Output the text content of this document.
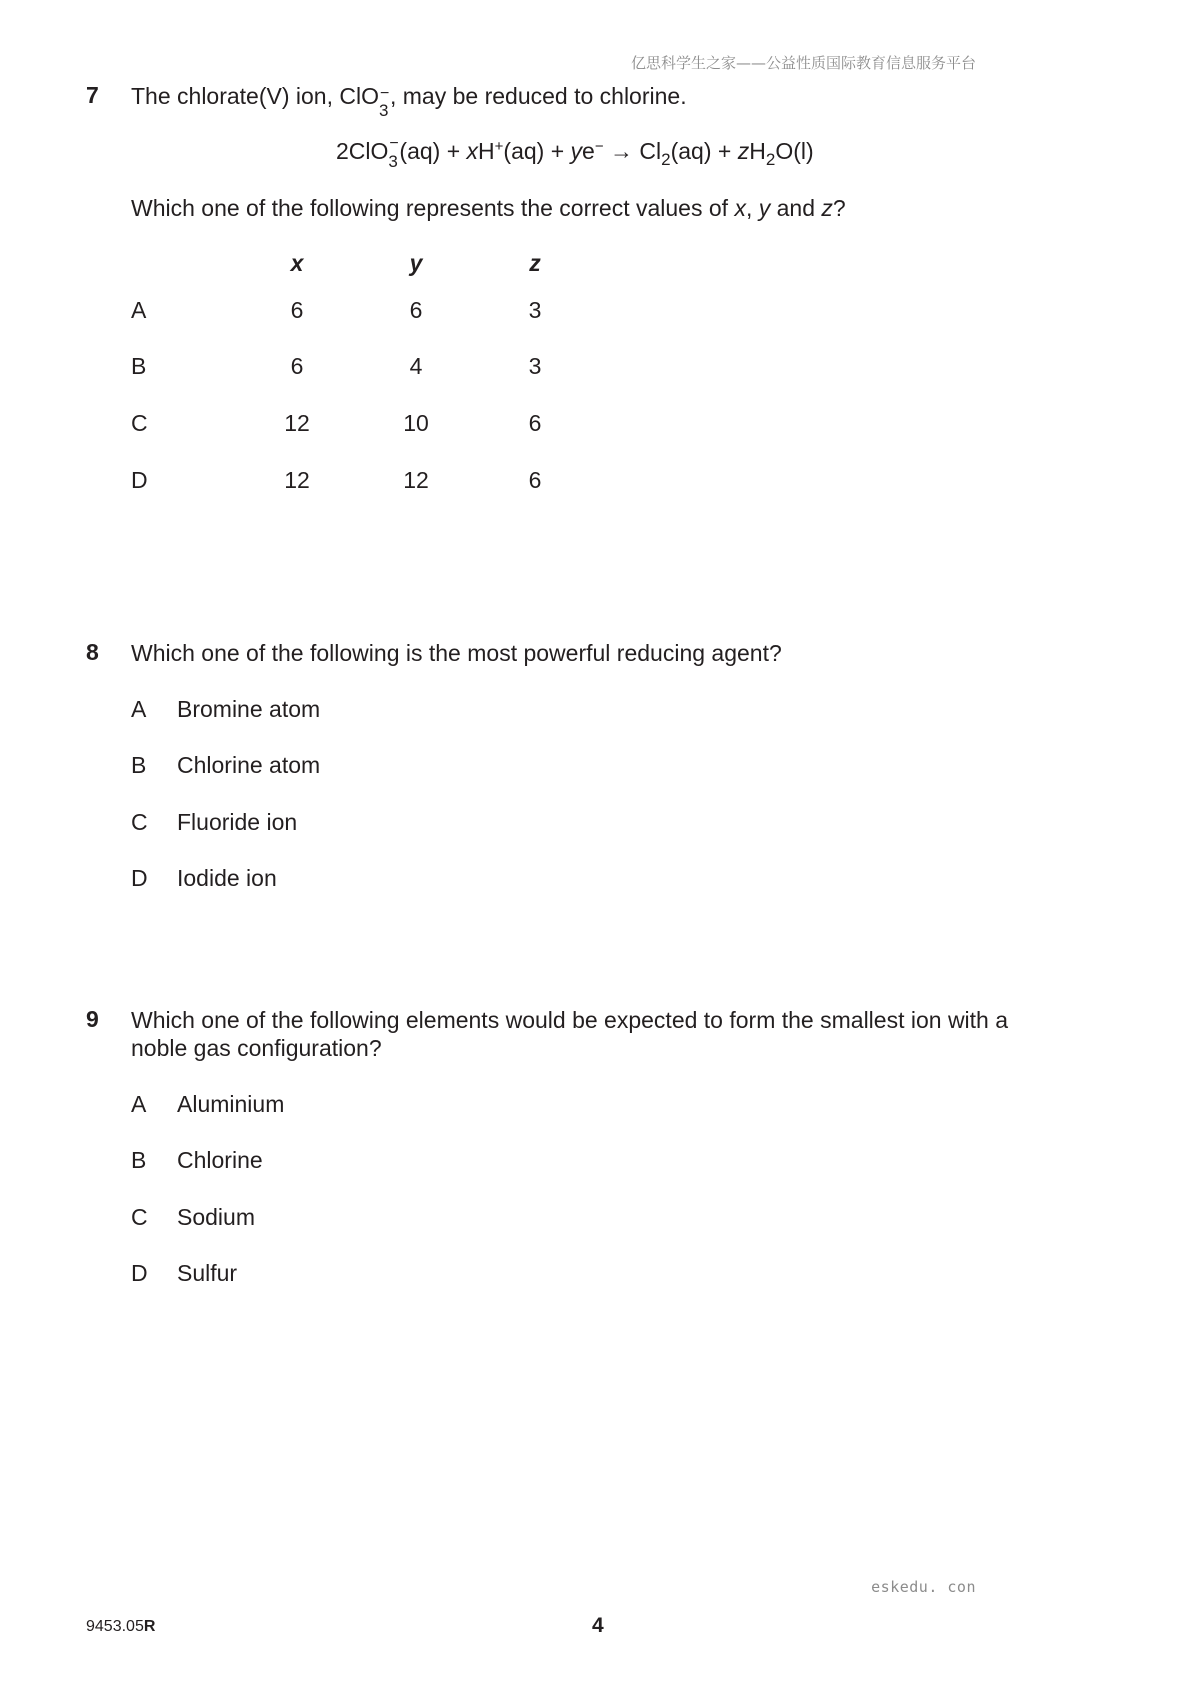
亿思科学生之家——公益性质国际教育信息服务平台
7 The chlorate(V) ion, ClO −
3
, may be reduced to chlorine.
2ClO −
3 $(aq) + xH^+(aq) + ye^- \to Cl_2(aq) + zH_2O(l)$
Which one of the following represents the correct values of x, y and z?
x	y	z
A	6	6	3
B	6	4	3
C	12	10	6
D	12	12	6
8 Which one of the following is the most powerful reducing agent?
A	Bromine atom
B	Chlorine atom
C	Fluoride ion
D	Iodide ion
9 Which one of the following elements would be expected to form the smallest ion with a
noble gas configuration?
A	Aluminium
B	Chlorine
C	Sodium
D	Sulfur
eskedu. con
9453.05R	4
